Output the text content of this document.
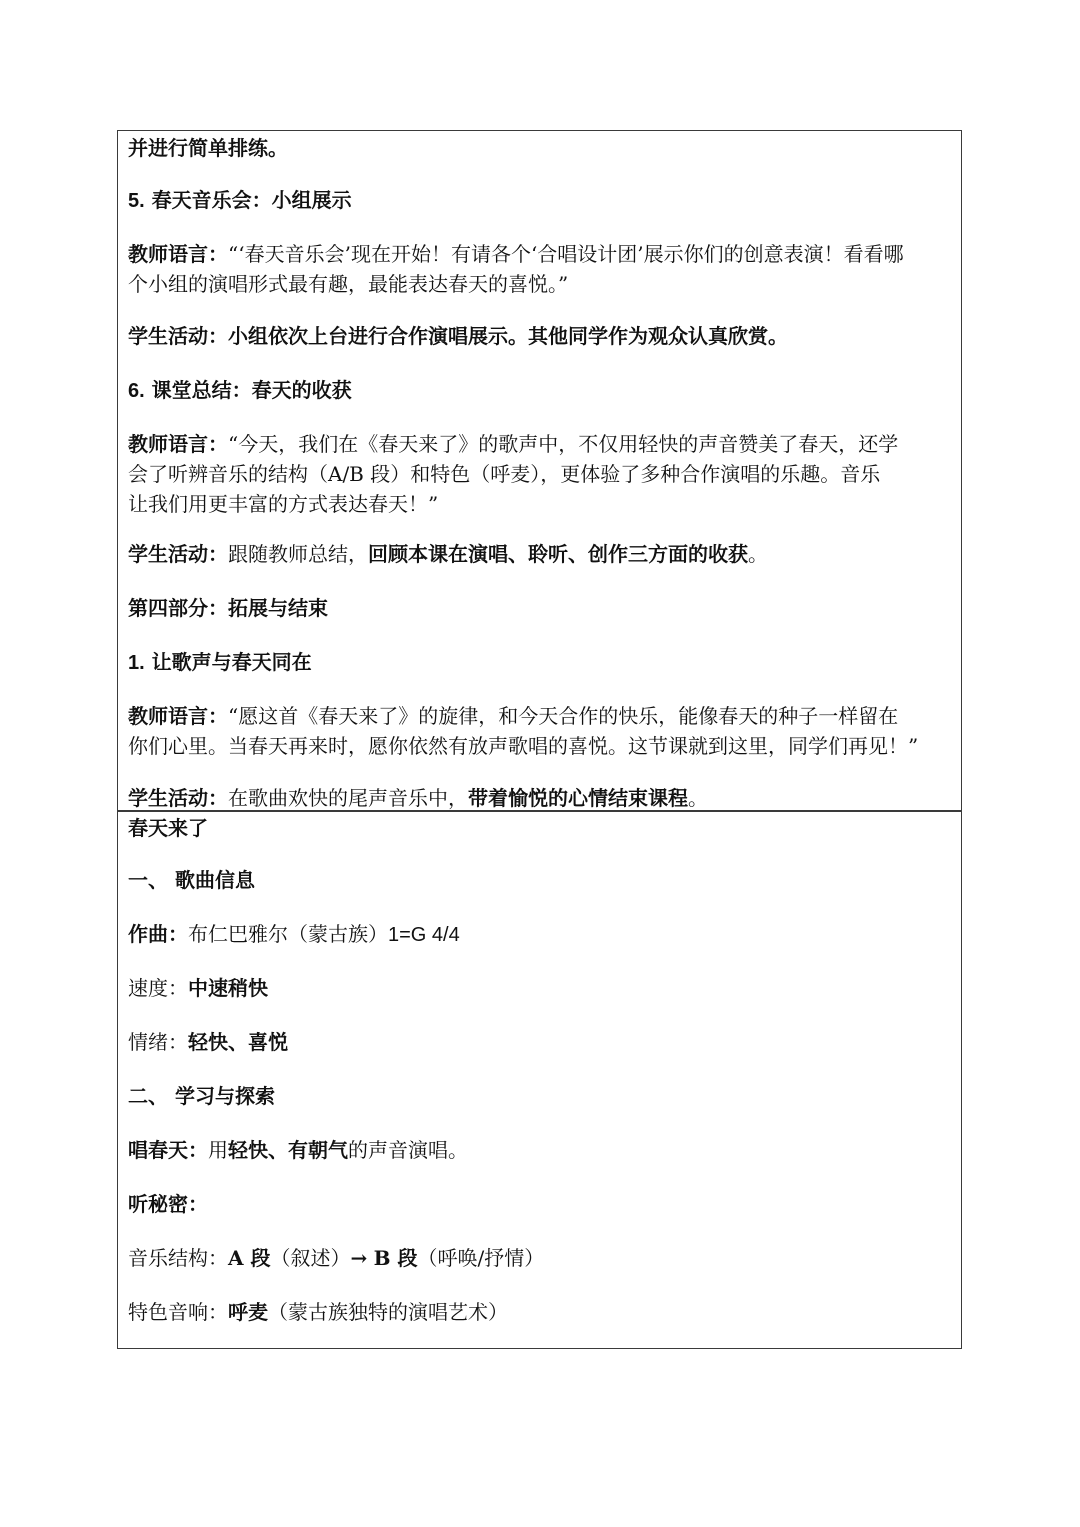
并进行简单排练。

5. 春天音乐会：小组展示

教师语言：“‘春天音乐会’现在开始！有请各个‘合唱设计团’展示你们的创意表演！看看哪
个小组的演唱形式最有趣，最能表达春天的喜悦。”

学生活动：小组依次上台进行合作演唱展示。其他同学作为观众认真欣赏。

6. 课堂总结：春天的收获

教师语言：“今天，我们在《春天来了》的歌声中，不仅用轻快的声音赞美了春天，还学
会了听辨音乐的结构（A/B 段）和特色（呼麦），更体验了多种合作演唱的乐趣。音乐
让我们用更丰富的方式表达春天！”

学生活动：跟随教师总结，回顾本课在演唱、聆听、创作三方面的收获。

第四部分：拓展与结束

1. 让歌声与春天同在

教师语言：“愿这首《春天来了》的旋律，和今天合作的快乐，能像春天的种子一样留在
你们心里。当春天再来时，愿你依然有放声歌唱的喜悦。这节课就到这里，同学们再见！”

学生活动：在歌曲欢快的尾声音乐中，带着愉悦的心情结束课程。

春天来了

一、 歌曲信息

作曲：布仁巴雅尔（蒙古族）1=G 4/4

速度：中速稍快

情绪：轻快、喜悦

二、 学习与探索

唱春天：用轻快、有朝气的声音演唱。

听秘密：

音乐结构：A 段（叙述）→ B 段（呼唤/抒情）

特色音响：呼麦（蒙古族独特的演唱艺术）
